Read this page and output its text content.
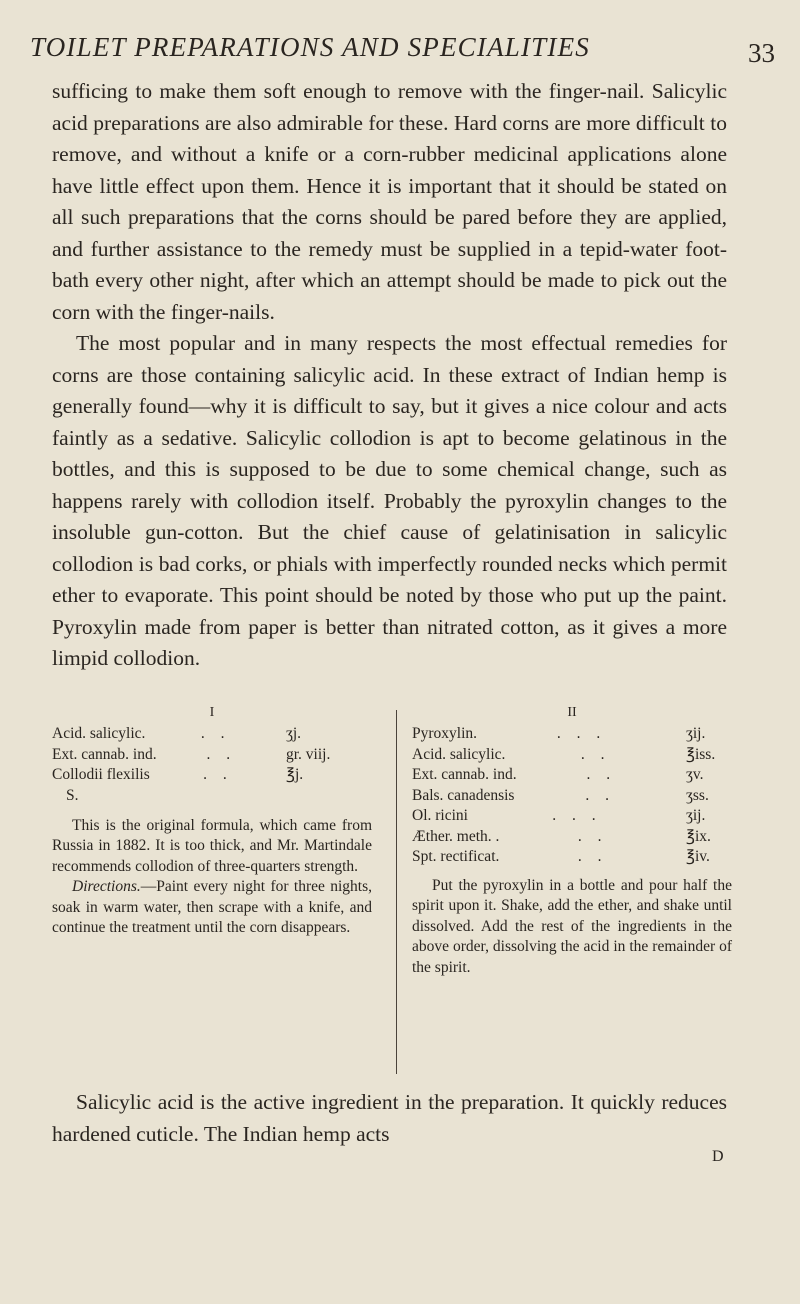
TOILET PREPARATIONS AND SPECIALITIES	33

sufficing to make them soft enough to remove with the finger-nail. Salicylic acid preparations are also admirable for these. Hard corns are more difficult to remove, and without a knife or a corn-rubber medicinal applications alone have little effect upon them. Hence it is important that it should be stated on all such preparations that the corns should be pared before they are applied, and further assistance to the remedy must be supplied in a tepid-water foot-bath every other night, after which an attempt should be made to pick out the corn with the finger-nails.

The most popular and in many respects the most effectual remedies for corns are those containing salicylic acid. In these extract of Indian hemp is generally found—why it is difficult to say, but it gives a nice colour and acts faintly as a sedative. Salicylic collodion is apt to become gelatinous in the bottles, and this is supposed to be due to some chemical change, such as happens rarely with collodion itself. Probably the pyroxylin changes to the insoluble gun-cotton. But the chief cause of gelatinisation in salicylic collodion is bad corks, or phials with imperfectly rounded necks which permit ether to evaporate. This point should be noted by those who put up the paint. Pyroxylin made from paper is better than nitrated cotton, as it gives a more limpid collodion.

I
Acid. salicylic.	. .	ʒj.
Ext. cannab. ind.	. .	gr. viij.
Collodii flexilis	. .	℥j.
S.
This is the original formula, which came from Russia in 1882. It is too thick, and Mr. Martindale recommends collodion of three-quarters strength.
Directions.—Paint every night for three nights, soak in warm water, then scrape with a knife, and continue the treatment until the corn disappears.
II
Pyroxylin.	. . .	ʒij.
Acid. salicylic.	. .	℥iss.
Ext. cannab. ind.	. .	ʒv.
Bals. canadensis	. .	ʒss.
Ol. ricini	. . .	ʒij.
Æther. meth. .	. .	℥ix.
Spt. rectificat.	. .	℥iv.
Put the pyroxylin in a bottle and pour half the spirit upon it. Shake, add the ether, and shake until dissolved. Add the rest of the ingredients in the above order, dissolving the acid in the remainder of the spirit.

Salicylic acid is the active ingredient in the preparation. It quickly reduces hardened cuticle. The Indian hemp acts

D
